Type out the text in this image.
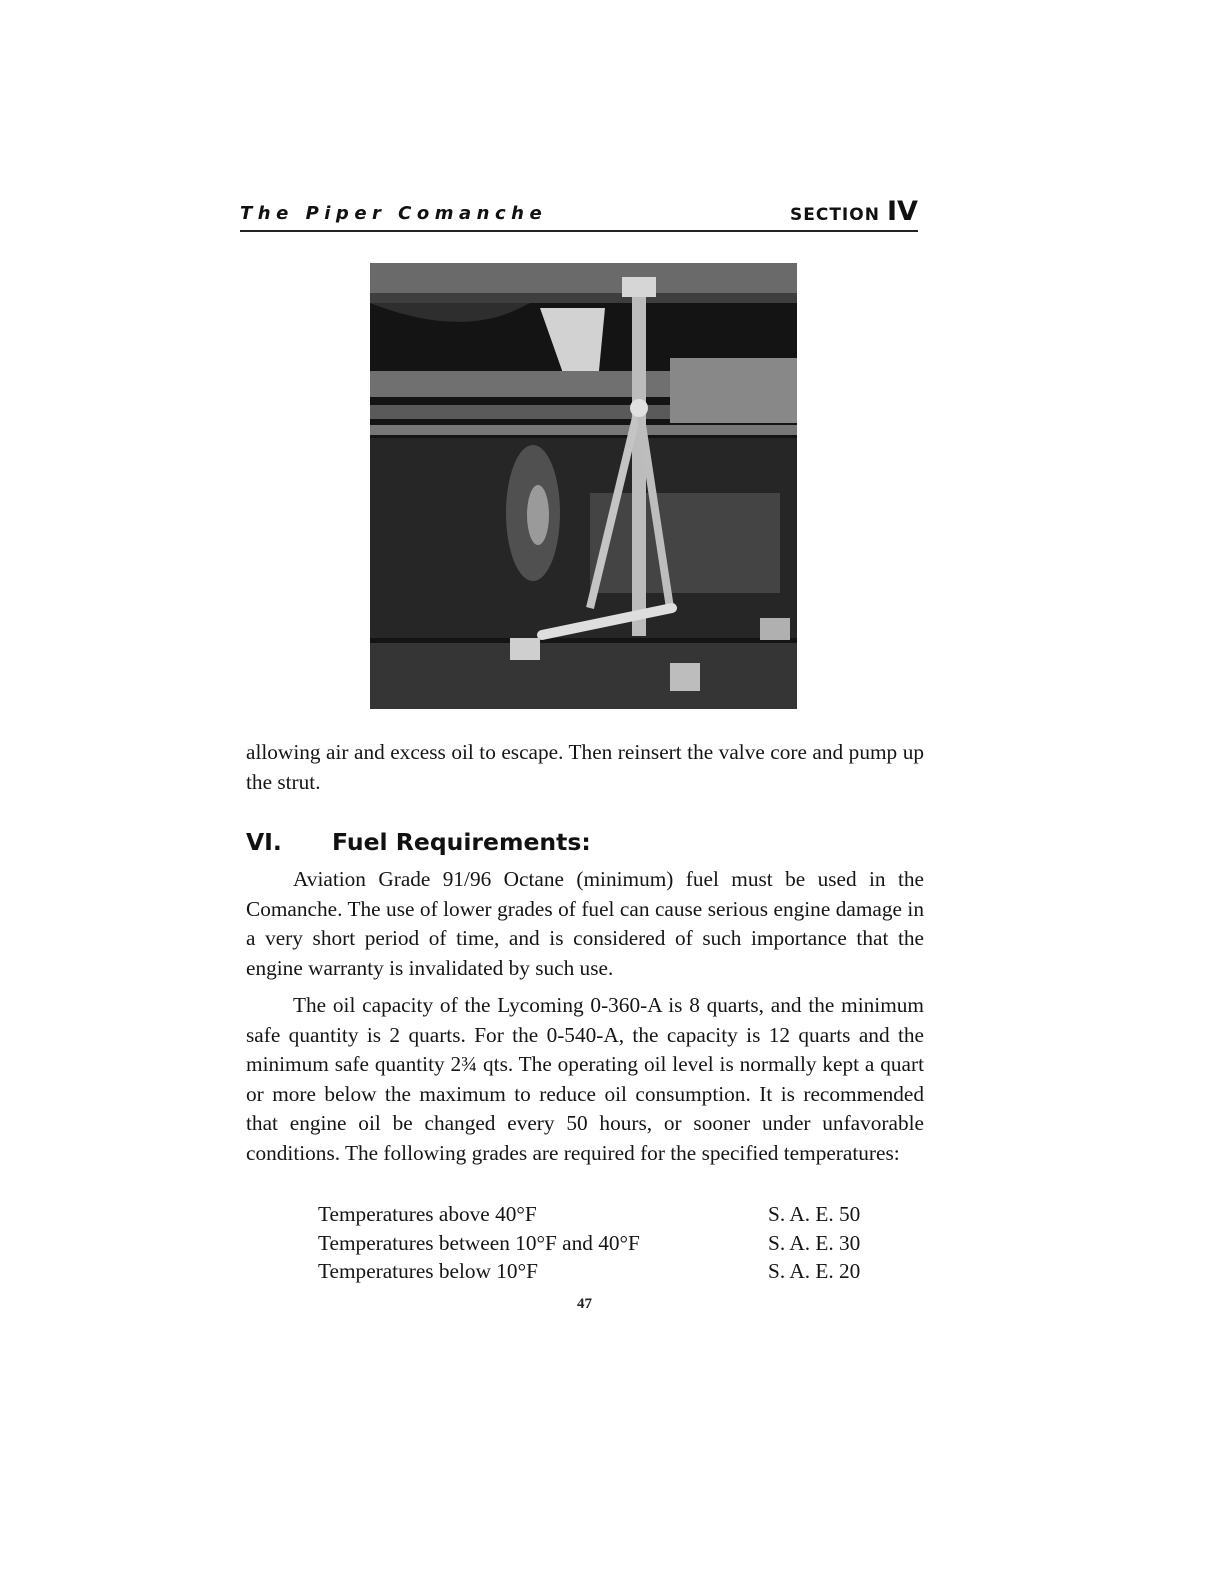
The Piper Comanche	SECTION IV

allowing air and excess oil to escape. Then reinsert the valve core and pump up the strut.

VI. Fuel Requirements:

Aviation Grade 91/96 Octane (minimum) fuel must be used in the Comanche. The use of lower grades of fuel can cause serious engine damage in a very short period of time, and is considered of such importance that the engine warranty is invalidated by such use.

The oil capacity of the Lycoming 0-360-A is 8 quarts, and the minimum safe quantity is 2 quarts. For the 0-540-A, the capacity is 12 quarts and the minimum safe quantity 2¾ qts. The operating oil level is normally kept a quart or more below the maximum to reduce oil consumption. It is recommended that engine oil be changed every 50 hours, or sooner under unfavorable conditions. The following grades are required for the specified temperatures:

Temperatures above 40°F	S. A. E. 50
Temperatures between 10°F and 40°F	S. A. E. 30
Temperatures below 10°F	S. A. E. 20
47
